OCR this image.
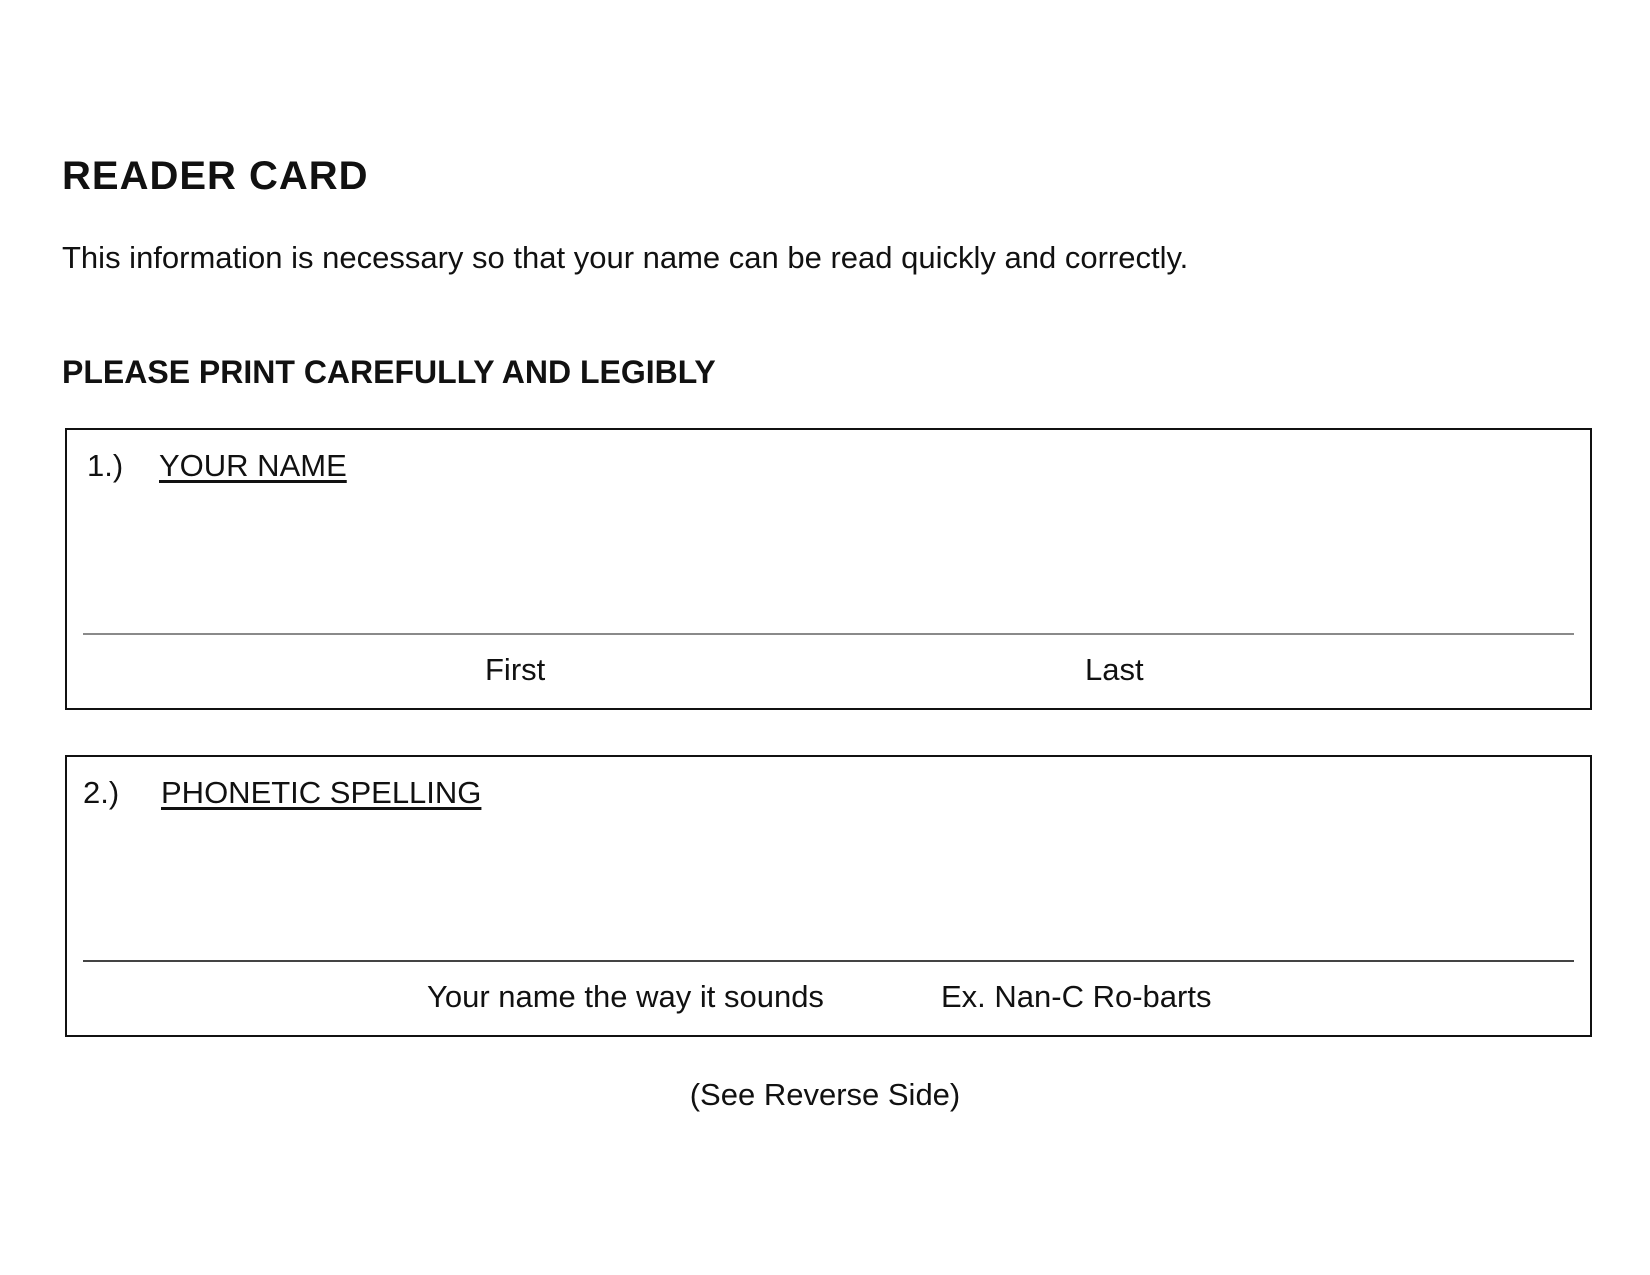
READER CARD

This information is necessary so that your name can be read quickly and correctly.

PLEASE PRINT CAREFULLY AND LEGIBLY

1.) YOUR NAME
First	Last
2.) PHONETIC SPELLING
Your name the way it sounds	Ex. Nan-C Ro-barts

(See Reverse Side)
